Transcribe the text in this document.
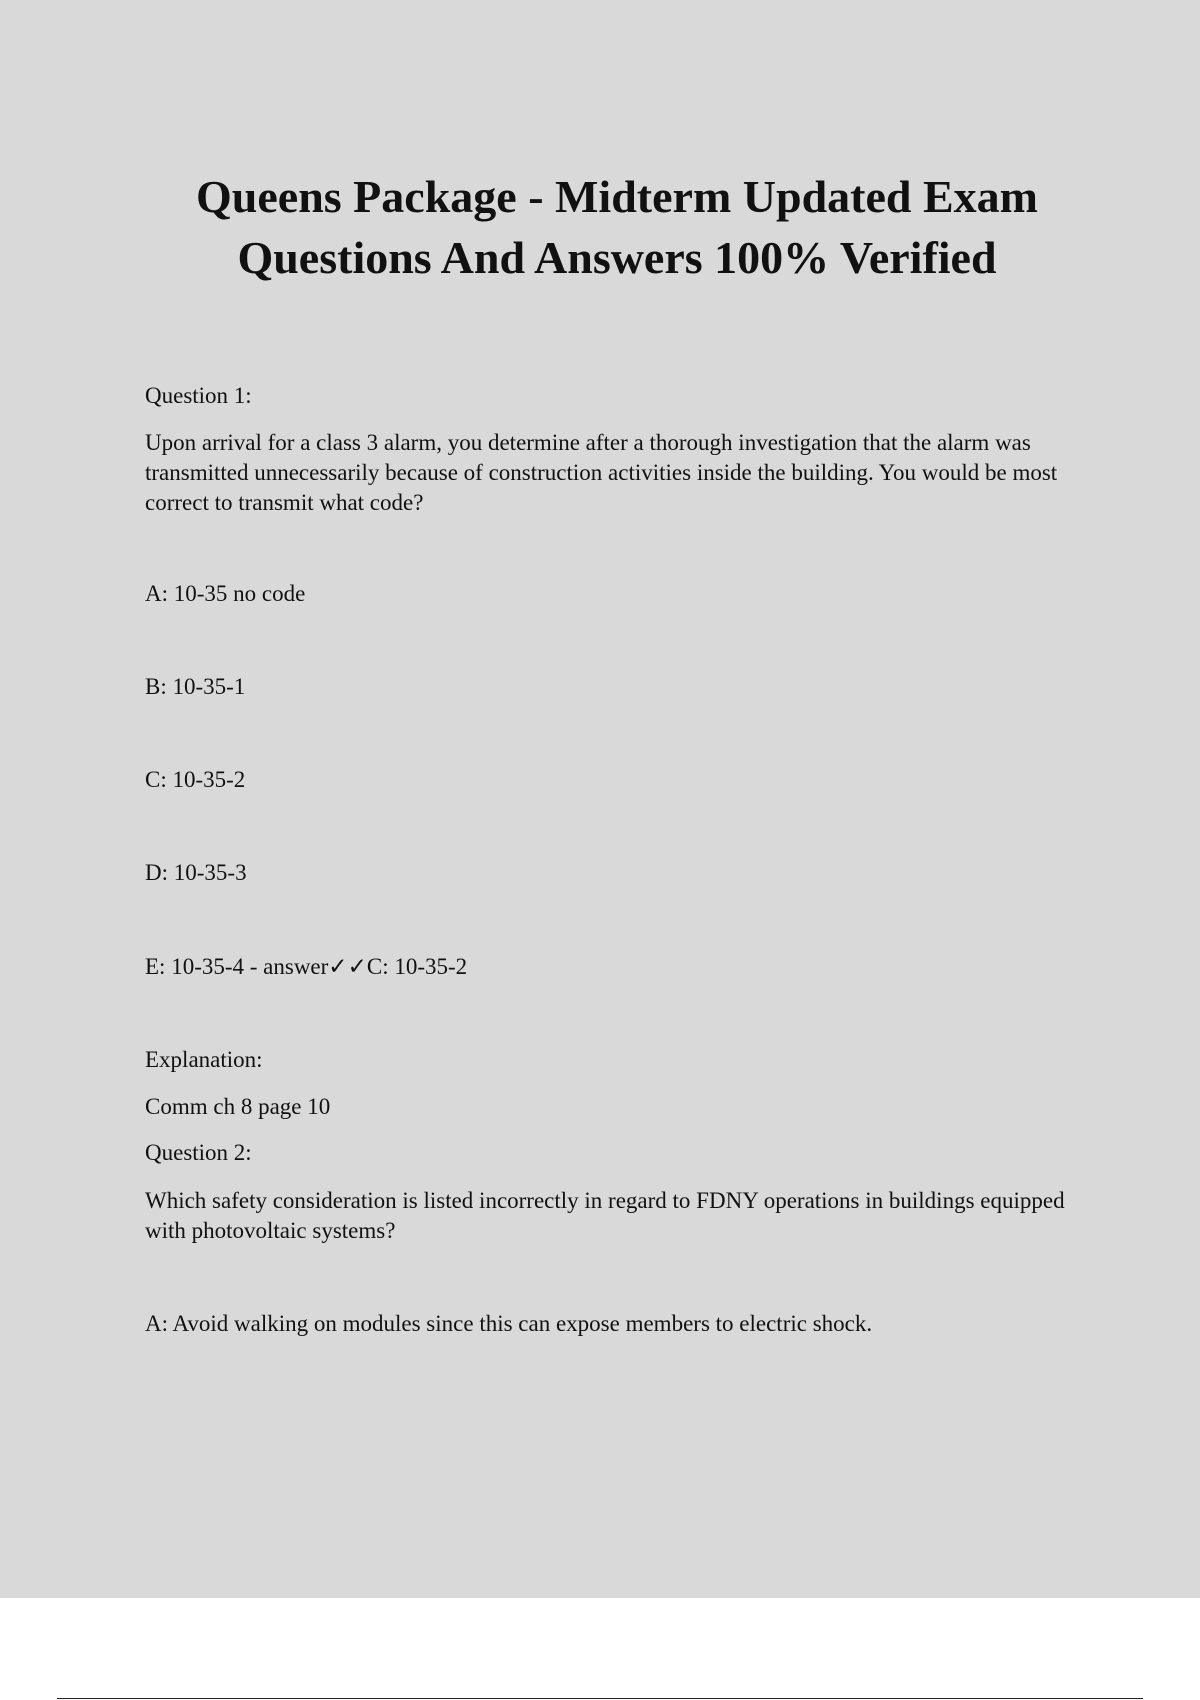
Queens Package - Midterm Updated Exam
Questions And Answers 100% Verified

Question 1:

Upon arrival for a class 3 alarm, you determine after a thorough investigation that the alarm was transmitted unnecessarily because of construction activities inside the building. You would be most correct to transmit what code?

A: 10-35 no code

B: 10-35-1

C: 10-35-2

D: 10-35-3

E: 10-35-4 - answer✓✓C: 10-35-2

Explanation:

Comm ch 8 page 10

Question 2:

Which safety consideration is listed incorrectly in regard to FDNY operations in buildings equipped with photovoltaic systems?

A: Avoid walking on modules since this can expose members to electric shock.
